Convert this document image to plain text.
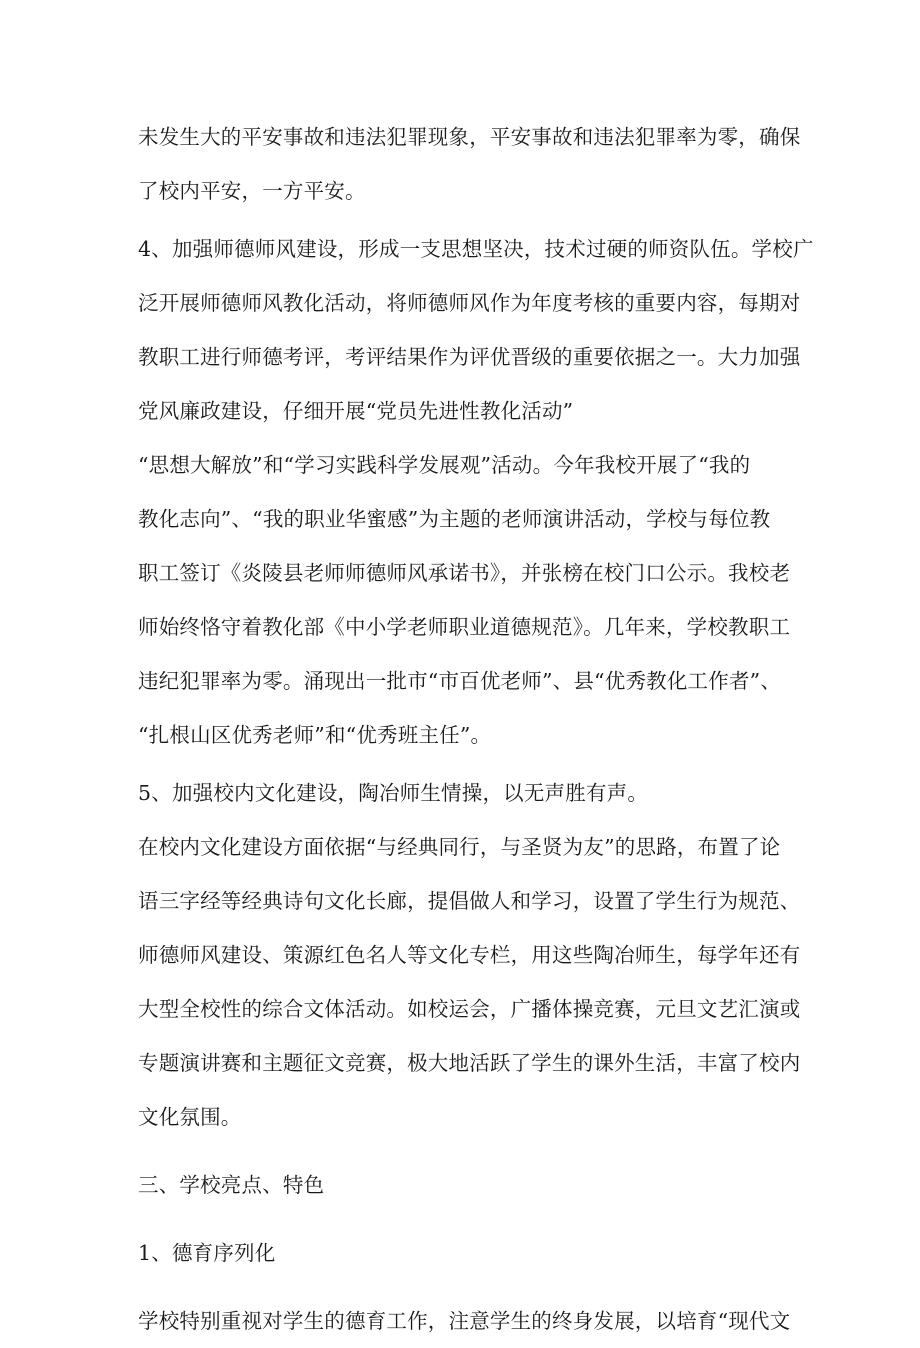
未发生大的平安事故和违法犯罪现象，平安事故和违法犯罪率为零，确保
了校内平安，一方平安。
4、加强师德师风建设，形成一支思想坚决，技术过硬的师资队伍。学校广
泛开展师德师风教化活动，将师德师风作为年度考核的重要内容，每期对
教职工进行师德考评，考评结果作为评优晋级的重要依据之一。大力加强
党风廉政建设，仔细开展“党员先进性教化活动”
“思想大解放”和“学习实践科学发展观”活动。今年我校开展了“我的
教化志向”、“我的职业华蜜感”为主题的老师演讲活动，学校与每位教
职工签订《炎陵县老师师德师风承诺书》，并张榜在校门口公示。我校老
师始终恪守着教化部《中小学老师职业道德规范》。几年来，学校教职工
违纪犯罪率为零。涌现出一批市“市百优老师”、县“优秀教化工作者”、
“扎根山区优秀老师”和“优秀班主任”。
5、加强校内文化建设，陶冶师生情操，以无声胜有声。
在校内文化建设方面依据“与经典同行，与圣贤为友”的思路，布置了论
语三字经等经典诗句文化长廊，提倡做人和学习，设置了学生行为规范、
师德师风建设、策源红色名人等文化专栏，用这些陶冶师生，每学年还有
大型全校性的综合文体活动。如校运会，广播体操竞赛，元旦文艺汇演或
专题演讲赛和主题征文竞赛，极大地活跃了学生的课外生活，丰富了校内
文化氛围。
三、学校亮点、特色
1、德育序列化
学校特别重视对学生的德育工作，注意学生的终身发展，以培育“现代文
